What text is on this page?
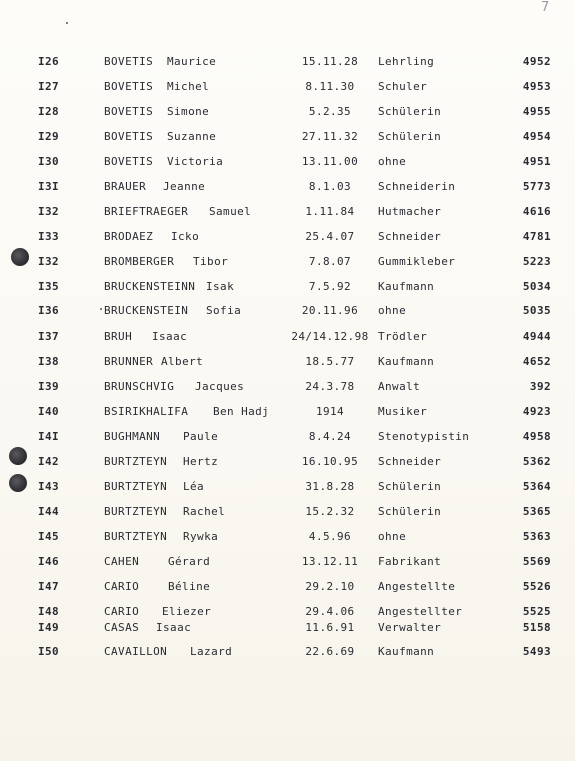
7
I26	BOVETIS Maurice	15.11.28	Lehrling	4952
I27	BOVETIS Michel	8.11.30	Schuler	4953
I28	BOVETIS Simone	5.2.35	Schülerin	4955
I29	BOVETIS Suzanne	27.11.32	Schülerin	4954
I30	BOVETIS Victoria	13.11.00	ohne	4951
I3I	BRAUER Jeanne	8.1.03	Schneiderin	5773
I32	BRIEFTRAEGER Samuel	1.11.84	Hutmacher	4616
I33	BRODAEZ Icko	25.4.07	Schneider	4781
I32	BROMBERGER Tibor	7.8.07	Gummikleber	5223
I35	BRUCKENSTEINN Isak	7.5.92	Kaufmann	5034
I36	BRUCKENSTEIN Sofia	20.11.96	ohne	5035
I37	BRUH Isaac	24/14.12.98 Trödler	4944
I38	BRUNNER Albert	18.5.77	Kaufmann	4652
I39	BRUNSCHVIG Jacques	24.3.78	Anwalt	392
I40	BSIRIKHALIFA Ben Hadj	1914	Musiker	4923
I4I	BUGHMANN Paule	8.4.24	Stenotypistin	4958
I42	BURTZTEYN Hertz	16.10.95	Schneider	5362
I43	BURTZTEYN Léa	31.8.28	Schülerin	5364
I44	BURTZTEYN Rachel	15.2.32	Schülerin	5365
I45	BURTZTEYN Rywka	4.5.96	ohne	5363
I46	CAHEN	Gérard	13.12.11	Fabrikant	5569
I47	CARIO	Béline	29.2.10	Angestellte	5526
I48	CARIO Eliezer	29.4.06	Angestellter	5525
I49	CASAS Isaac	11.6.91	Verwalter	5158
I50	CAVAILLON Lazard	22.6.69	Kaufmann	5493
